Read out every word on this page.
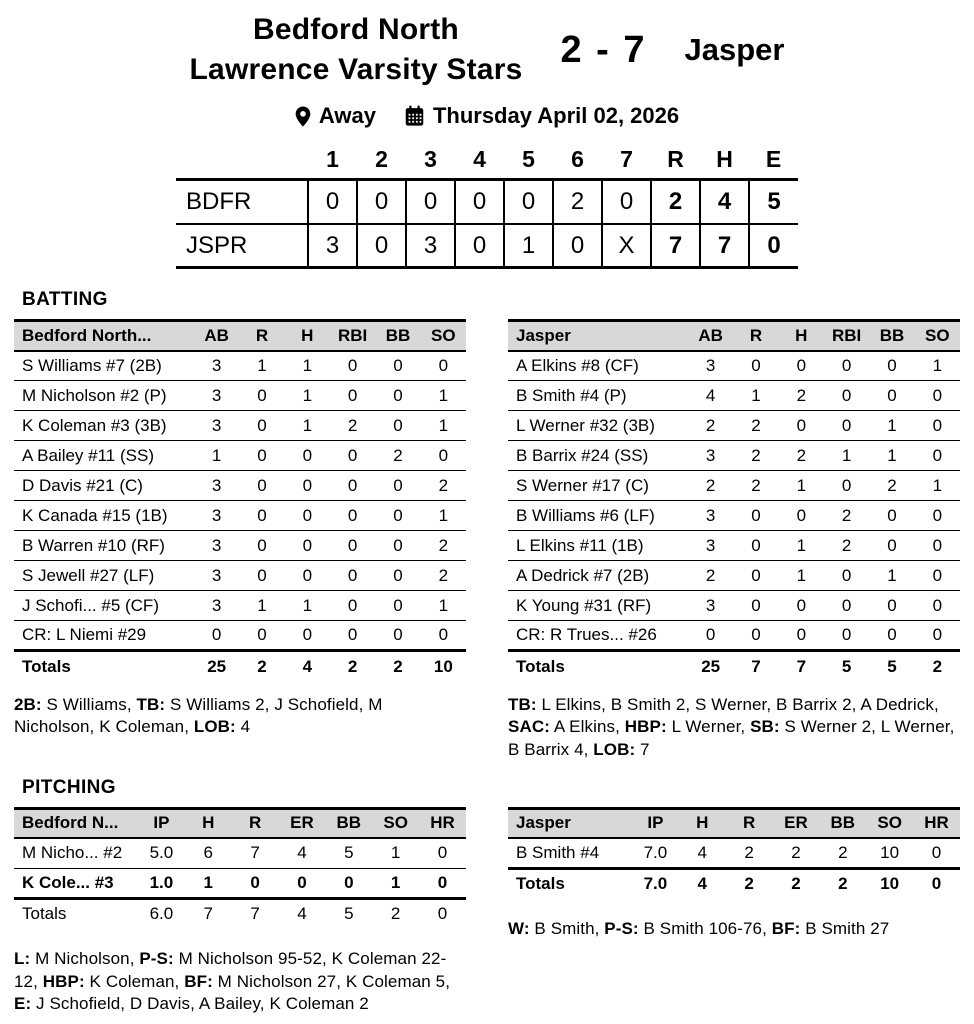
Bedford North
Lawrence Varsity Stars 2 - 7 Jasper
Away	Thursday April 02, 2026
	1	2	3	4	5	6	7	R	H	E
BDFR	0	0	0	0	0	2	0	2	4	5
JSPR	3	0	3	0	1	0	X	7	7	0
BATTING
Bedford North...	AB	R	H	RBI	BB	SO
S Williams #7 (2B)	3	1	1	0	0	0
M Nicholson #2 (P)	3	0	1	0	0	1
K Coleman #3 (3B)	3	0	1	2	0	1
A Bailey #11 (SS)	1	0	0	0	2	0
D Davis #21 (C)	3	0	0	0	0	2
K Canada #15 (1B)	3	0	0	0	0	1
B Warren #10 (RF)	3	0	0	0	0	2
S Jewell #27 (LF)	3	0	0	0	0	2
J Schofi... #5 (CF)	3	1	1	0	0	1
CR: L Niemi #29	0	0	0	0	0	0
Totals	25	2	4	2	2	10

2B: S Williams, TB: S Williams 2, J Schofield, M Nicholson, K Coleman, LOB: 4

Jasper	AB	R	H	RBI	BB	SO
A Elkins #8 (CF)	3	0	0	0	0	1
B Smith #4 (P)	4	1	2	0	0	0
L Werner #32 (3B)	2	2	0	0	1	0
B Barrix #24 (SS)	3	2	2	1	1	0
S Werner #17 (C)	2	2	1	0	2	1
B Williams #6 (LF)	3	0	0	2	0	0
L Elkins #11 (1B)	3	0	1	2	0	0
A Dedrick #7 (2B)	2	0	1	0	1	0
K Young #31 (RF)	3	0	0	0	0	0
CR: R Trues... #26	0	0	0	0	0	0
Totals	25	7	7	5	5	2

TB: L Elkins, B Smith 2, S Werner, B Barrix 2, A Dedrick, SAC: A Elkins, HBP: L Werner, SB: S Werner 2, L Werner, B Barrix 4, LOB: 7

PITCHING
Bedford N...	IP	H	R	ER	BB	SO	HR
M Nicho... #2	5.0	6	7	4	5	1	0
K Cole... #3	1.0	1	0	0	0	1	0
Totals	6.0	7	7	4	5	2	0

L: M Nicholson, P-S: M Nicholson 95-52, K Coleman 22-12, HBP: K Coleman, BF: M Nicholson 27, K Coleman 5, E: J Schofield, D Davis, A Bailey, K Coleman 2

Jasper	IP	H	R	ER	BB	SO	HR
B Smith #4	7.0	4	2	2	2	10	0
Totals	7.0	4	2	2	2	10	0

W: B Smith, P-S: B Smith 106-76, BF: B Smith 27
